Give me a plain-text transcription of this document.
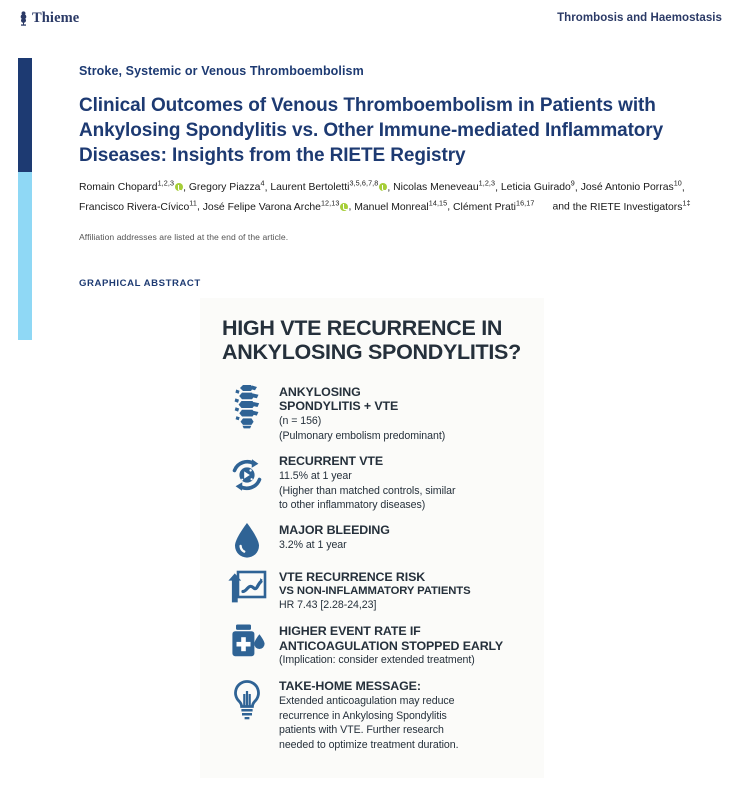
Thieme	Thrombosis and Haemostasis
Stroke, Systemic or Venous Thromboembolism
Clinical Outcomes of Venous Thromboembolism in Patients with Ankylosing Spondylitis vs. Other Immune-mediated Inflammatory Diseases: Insights from the RIETE Registry
Romain Chopard$^{1,2,3}$ , Gregory Piazza$^4$, Laurent Bertoletti$^{3,5,6,7,8}$ , Nicolas Meneveau$^{1,2,3}$, Leticia Guirado$^9$, José Antonio Porras$^{10}$, Francisco Rivera-Cívico$^{11}$, José Felipe Varona Arche$^{12,13}$ , Manuel Monreal$^{14,15}$, Clément Prati$^{16,17}$ and the RIETE Investigators$^{1\ddagger}$
Affiliation addresses are listed at the end of the article.
GRAPHICAL ABSTRACT
HIGH VTE RECURRENCE IN ANKYLOSING SPONDYLITIS?
ANKYLOSING
SPONDYLITIS + VTE
(n = 156)
(Pulmonary embolism predominant)
RECURRENT VTE
11.5% at 1 year
(Higher than matched controls, similar
to other inflammatory diseases)
MAJOR BLEEDING
3.2% at 1 year
VTE RECURRENCE RISK
VS NON-INFLAMMATORY PATIENTS
HR 7.43 [2.28-24,23]
HIGHER EVENT RATE IF
ANTICOAGULATION STOPPED EARLY
(Implication: consider extended treatment)
TAKE-HOME MESSAGE:
Extended anticoagulation may reduce
recurrence in Ankylosing Spondylitis
patients with VTE. Further research
needed to optimize treatment duration.
